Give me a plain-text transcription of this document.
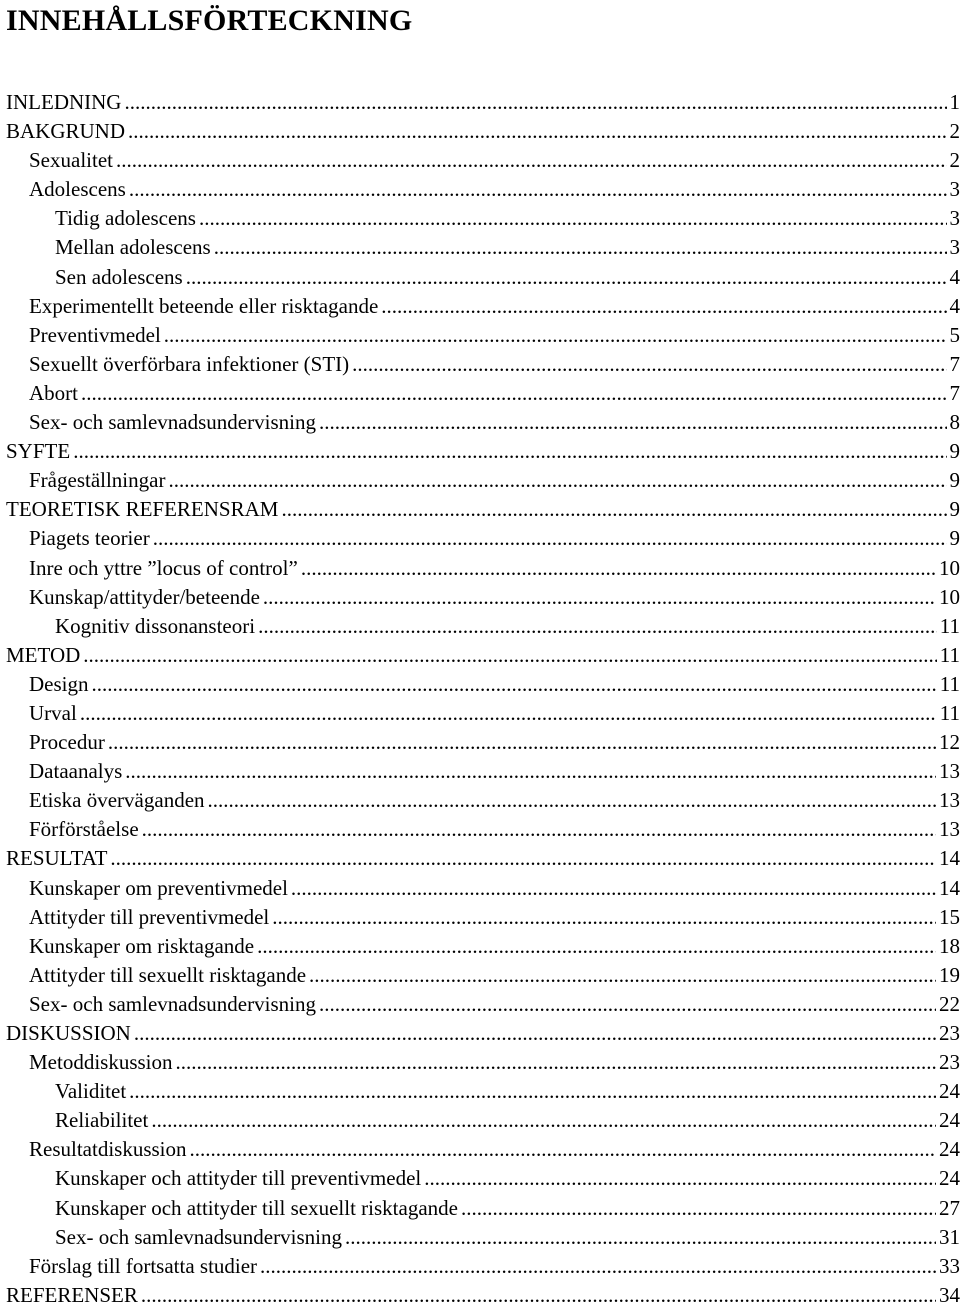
INNEHÅLLSFÖRTECKNING
INLEDNING .....	1
BAKGRUND .....	2
Sexualitet .....	2
Adolescens .....	3
Tidig adolescens .....	3
Mellan adolescens .....	3
Sen adolescens .....	4
Experimentellt beteende eller risktagande .....	4
Preventivmedel .....	5
Sexuellt överförbara infektioner (STI) .....	7
Abort .....	7
Sex- och samlevnadsundervisning .....	8
SYFTE .....	9
Frågeställningar .....	9
TEORETISK REFERENSRAM .....	9
Piagets teorier .....	9
Inre och yttre ”locus of control” .....	10
Kunskap/attityder/beteende .....	10
Kognitiv dissonansteori .....	11
METOD .....	11
Design .....	11
Urval .....	11
Procedur .....	12
Dataanalys .....	13
Etiska överväganden .....	13
Förförståelse .....	13
RESULTAT .....	14
Kunskaper om preventivmedel .....	14
Attityder till preventivmedel .....	15
Kunskaper om risktagande .....	18
Attityder till sexuellt risktagande .....	19
Sex- och samlevnadsundervisning .....	22
DISKUSSION .....	23
Metoddiskussion .....	23
Validitet .....	24
Reliabilitet .....	24
Resultatdiskussion .....	24
Kunskaper och attityder till preventivmedel .....	24
Kunskaper och attityder till sexuellt risktagande .....	27
Sex- och samlevnadsundervisning .....	31
Förslag till fortsatta studier .....	33
REFERENSER .....	34
